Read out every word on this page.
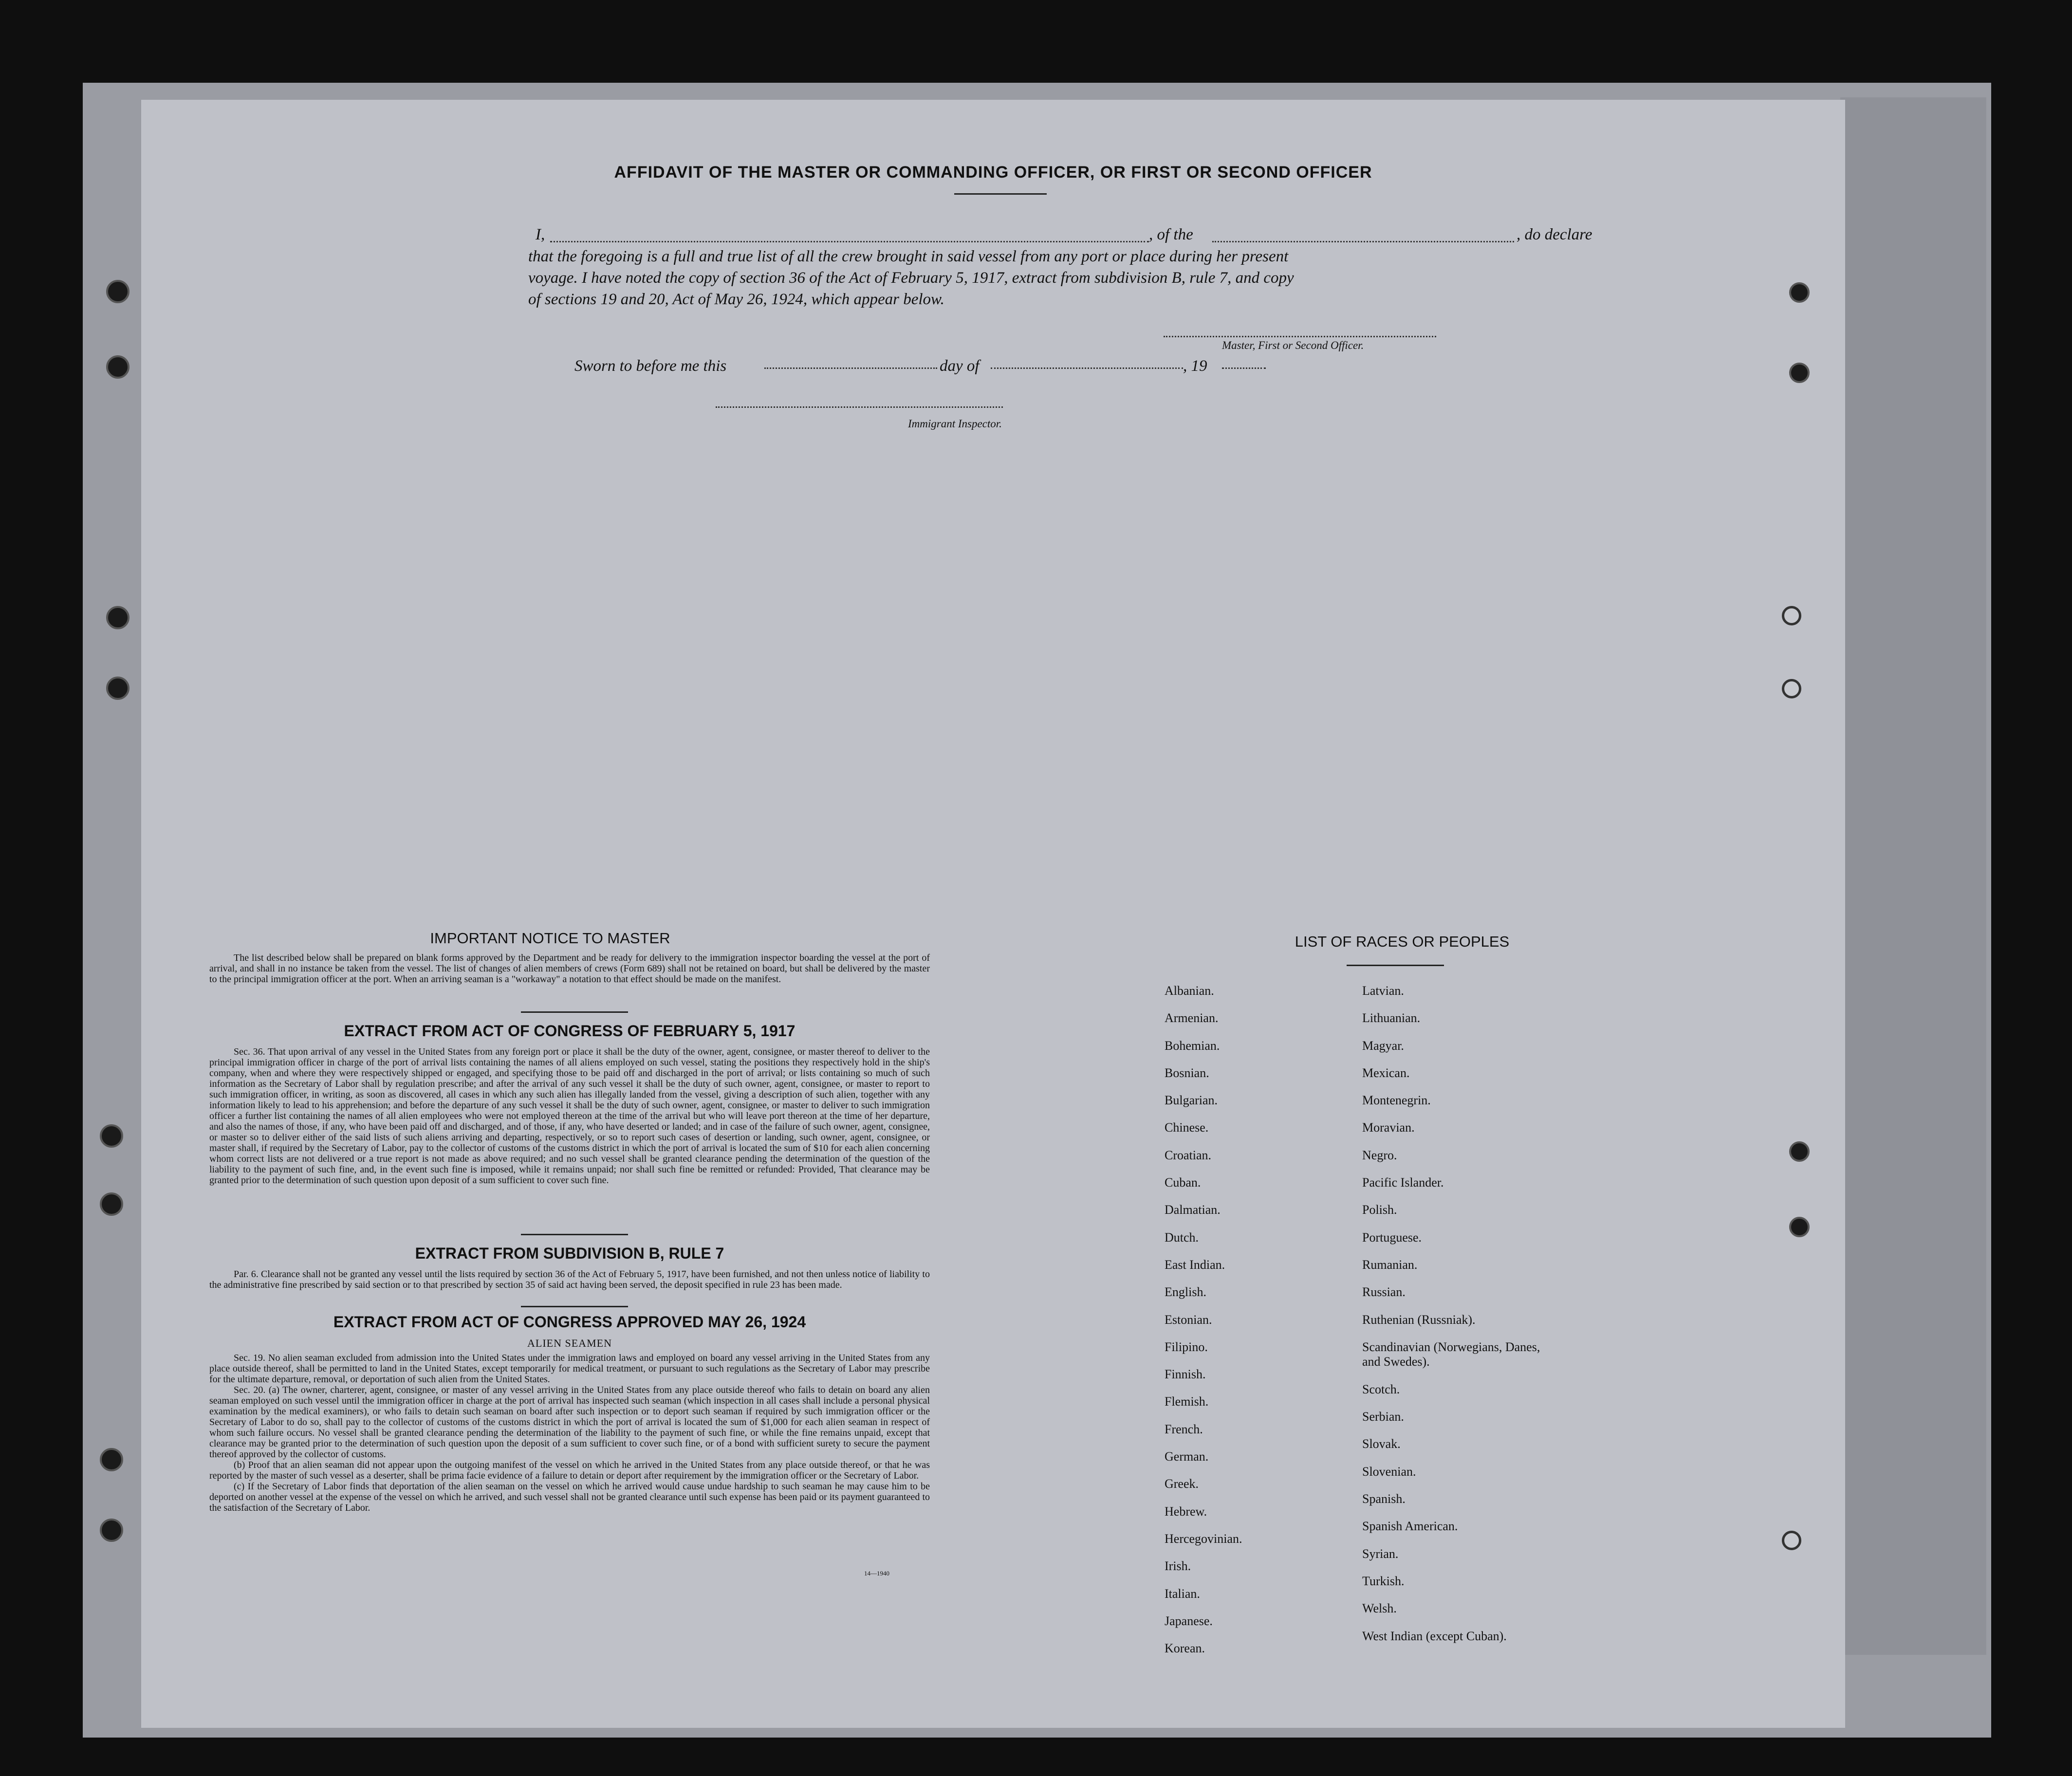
AFFIDAVIT OF THE MASTER OR COMMANDING OFFICER, OR FIRST OR SECOND OFFICER
I,	, of the	, do declare
that the foregoing is a full and true list of all the crew brought in said vessel from any port or place during her present
voyage. I have noted the copy of section 36 of the Act of February 5, 1917, extract from subdivision B, rule 7, and copy
of sections 19 and 20, Act of May 26, 1924, which appear below.
Master, First or Second Officer.
Sworn to before me this	day of	, 19
Immigrant Inspector.
IMPORTANT NOTICE TO MASTER
The list described below shall be prepared on blank forms approved by the Department and be ready for delivery to the immigration inspector boarding the vessel at the port of arrival, and shall in no instance be taken from the vessel. The list of changes of alien members of crews (Form 689) shall not be retained on board, but shall be delivered by the master to the principal immigration officer at the port. When an arriving seaman is a "workaway" a notation to that effect should be made on the manifest.
EXTRACT FROM ACT OF CONGRESS OF FEBRUARY 5, 1917
Sec. 36. That upon arrival of any vessel in the United States from any foreign port or place it shall be the duty of the owner, agent, consignee, or master thereof to deliver to the principal immigration officer in charge of the port of arrival lists containing the names of all aliens employed on such vessel, stating the positions they respectively hold in the ship's company, when and where they were respectively shipped or engaged, and specifying those to be paid off and discharged in the port of arrival; or lists containing so much of such information as the Secretary of Labor shall by regulation prescribe; and after the arrival of any such vessel it shall be the duty of such owner, agent, consignee, or master to report to such immigration officer, in writing, as soon as discovered, all cases in which any such alien has illegally landed from the vessel, giving a description of such alien, together with any information likely to lead to his apprehension; and before the departure of any such vessel it shall be the duty of such owner, agent, consignee, or master to deliver to such immigration officer a further list containing the names of all alien employees who were not employed thereon at the time of the arrival but who will leave port thereon at the time of her departure, and also the names of those, if any, who have been paid off and discharged, and of those, if any, who have deserted or landed; and in case of the failure of such owner, agent, consignee, or master so to deliver either of the said lists of such aliens arriving and departing, respectively, or so to report such cases of desertion or landing, such owner, agent, consignee, or master shall, if required by the Secretary of Labor, pay to the collector of customs of the customs district in which the port of arrival is located the sum of $10 for each alien concerning whom correct lists are not delivered or a true report is not made as above required; and no such vessel shall be granted clearance pending the determination of the question of the liability to the payment of such fine, and, in the event such fine is imposed, while it remains unpaid; nor shall such fine be remitted or refunded: Provided, That clearance may be granted prior to the determination of such question upon deposit of a sum sufficient to cover such fine.
EXTRACT FROM SUBDIVISION B, RULE 7
Par. 6. Clearance shall not be granted any vessel until the lists required by section 36 of the Act of February 5, 1917, have been furnished, and not then unless notice of liability to the administrative fine prescribed by said section or to that prescribed by section 35 of said act having been served, the deposit specified in rule 23 has been made.
EXTRACT FROM ACT OF CONGRESS APPROVED MAY 26, 1924
ALIEN SEAMEN
Sec. 19. No alien seaman excluded from admission into the United States under the immigration laws and employed on board any vessel arriving in the United States from any place outside thereof, shall be permitted to land in the United States, except temporarily for medical treatment, or pursuant to such regulations as the Secretary of Labor may prescribe for the ultimate departure, removal, or deportation of such alien from the United States.
Sec. 20. (a) The owner, charterer, agent, consignee, or master of any vessel arriving in the United States from any place outside thereof who fails to detain on board any alien seaman employed on such vessel until the immigration officer in charge at the port of arrival has inspected such seaman (which inspection in all cases shall include a personal physical examination by the medical examiners), or who fails to detain such seaman on board after such inspection or to deport such seaman if required by such immigration officer or the Secretary of Labor to do so, shall pay to the collector of customs of the customs district in which the port of arrival is located the sum of $1,000 for each alien seaman in respect of whom such failure occurs. No vessel shall be granted clearance pending the determination of the liability to the payment of such fine, or while the fine remains unpaid, except that clearance may be granted prior to the determination of such question upon the deposit of a sum sufficient to cover such fine, or of a bond with sufficient surety to secure the payment thereof approved by the collector of customs.
(b) Proof that an alien seaman did not appear upon the outgoing manifest of the vessel on which he arrived in the United States from any place outside thereof, or that he was reported by the master of such vessel as a deserter, shall be prima facie evidence of a failure to detain or deport after requirement by the immigration officer or the Secretary of Labor.
(c) If the Secretary of Labor finds that deportation of the alien seaman on the vessel on which he arrived would cause undue hardship to such seaman he may cause him to be deported on another vessel at the expense of the vessel on which he arrived, and such vessel shall not be granted clearance until such expense has been paid or its payment guaranteed to the satisfaction of the Secretary of Labor.
14—1940
LIST OF RACES OR PEOPLES
Albanian.
Armenian.
Bohemian.
Bosnian.
Bulgarian.
Chinese.
Croatian.
Cuban.
Dalmatian.
Dutch.
East Indian.
English.
Estonian.
Filipino.
Finnish.
Flemish.
French.
German.
Greek.
Hebrew.
Hercegovinian.
Irish.
Italian.
Japanese.
Korean.
Latvian.
Lithuanian.
Magyar.
Mexican.
Montenegrin.
Moravian.
Negro.
Pacific Islander.
Polish.
Portuguese.
Rumanian.
Russian.
Ruthenian (Russniak).
Scandinavian (Norwegians, Danes, and Swedes).
Scotch.
Serbian.
Slovak.
Slovenian.
Spanish.
Spanish American.
Syrian.
Turkish.
Welsh.
West Indian (except Cuban).
